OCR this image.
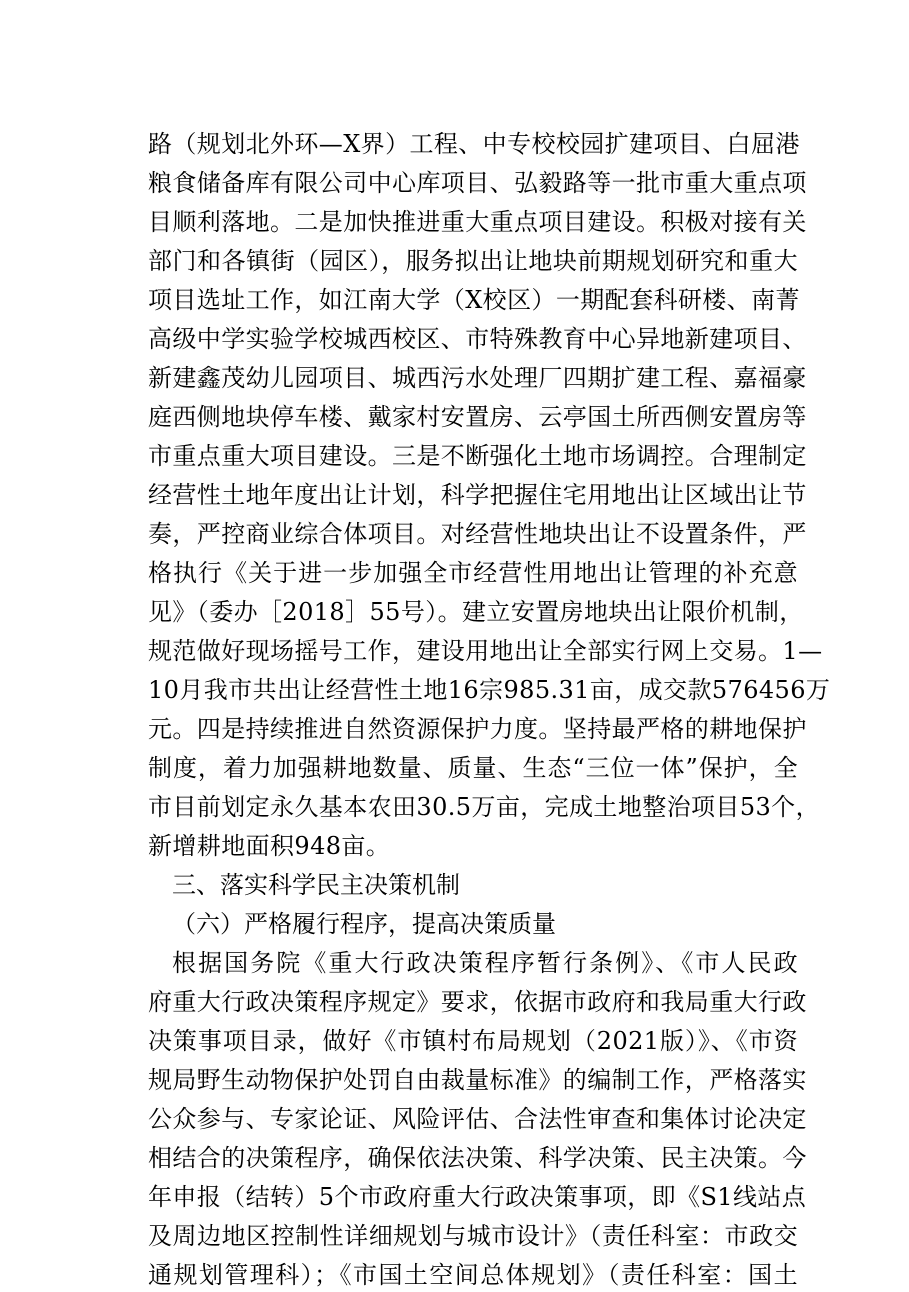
路（规划北外环—X界）工程、中专校校园扩建项目、白屈港
粮食储备库有限公司中心库项目、弘毅路等一批市重大重点项
目顺利落地。二是加快推进重大重点项目建设。积极对接有关
部门和各镇街（园区），服务拟出让地块前期规划研究和重大
项目选址工作，如江南大学（X校区）一期配套科研楼、南菁
高级中学实验学校城西校区、市特殊教育中心异地新建项目、
新建鑫茂幼儿园项目、城西污水处理厂四期扩建工程、嘉福豪
庭西侧地块停车楼、戴家村安置房、云亭国土所西侧安置房等
市重点重大项目建设。三是不断强化土地市场调控。合理制定
经营性土地年度出让计划，科学把握住宅用地出让区域出让节
奏，严控商业综合体项目。对经营性地块出让不设置条件，严
格执行《关于进一步加强全市经营性用地出让管理的补充意
见》（委办［2018］55号）。建立安置房地块出让限价机制，
规范做好现场摇号工作，建设用地出让全部实行网上交易。1—
10月我市共出让经营性土地16宗985.31亩，成交款576456万
元。四是持续推进自然资源保护力度。坚持最严格的耕地保护
制度，着力加强耕地数量、质量、生态“三位一体”保护，全
市目前划定永久基本农田30.5万亩，完成土地整治项目53个，
新增耕地面积948亩。
三、落实科学民主决策机制
（六）严格履行程序，提高决策质量
根据国务院《重大行政决策程序暂行条例》、《市人民政
府重大行政决策程序规定》要求，依据市政府和我局重大行政
决策事项目录，做好《市镇村布局规划（2021版）》、《市资
规局野生动物保护处罚自由裁量标准》的编制工作，严格落实
公众参与、专家论证、风险评估、合法性审查和集体讨论决定
相结合的决策程序，确保依法决策、科学决策、民主决策。今
年申报（结转）5个市政府重大行政决策事项，即《S1线站点
及周边地区控制性详细规划与城市设计》（责任科室：市政交
通规划管理科）；《市国土空间总体规划》（责任科室：国土
